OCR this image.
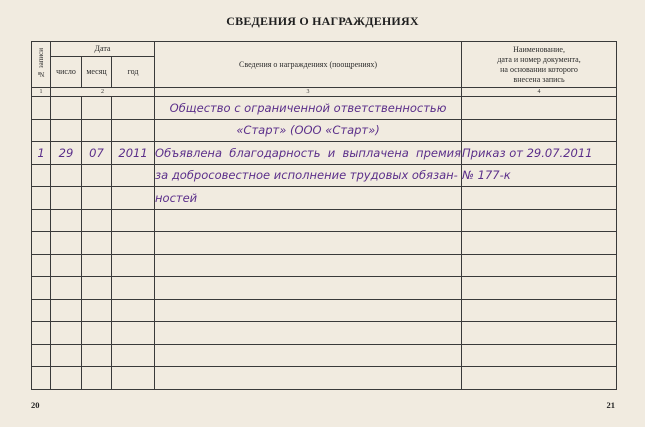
СВЕДЕНИЯ О НАГРАЖДЕНИЯХ
№ записи	Дата			Сведения о награждениях (поощрениях)	Наименование,
дата и номер документа,
на основании которого
внесена запись

	число	месяц	год		
1	2			3	4
				Общество с ограниченной ответственностью	
				«Старт» (ООО «Старт»)	
1	29	07	2011	Объявлена благодарность и выплачена премия	Приказ от 29.07.2011
				за добросовестное исполнение трудовых обязан-	№ 177-к
				ностей	

20	21
